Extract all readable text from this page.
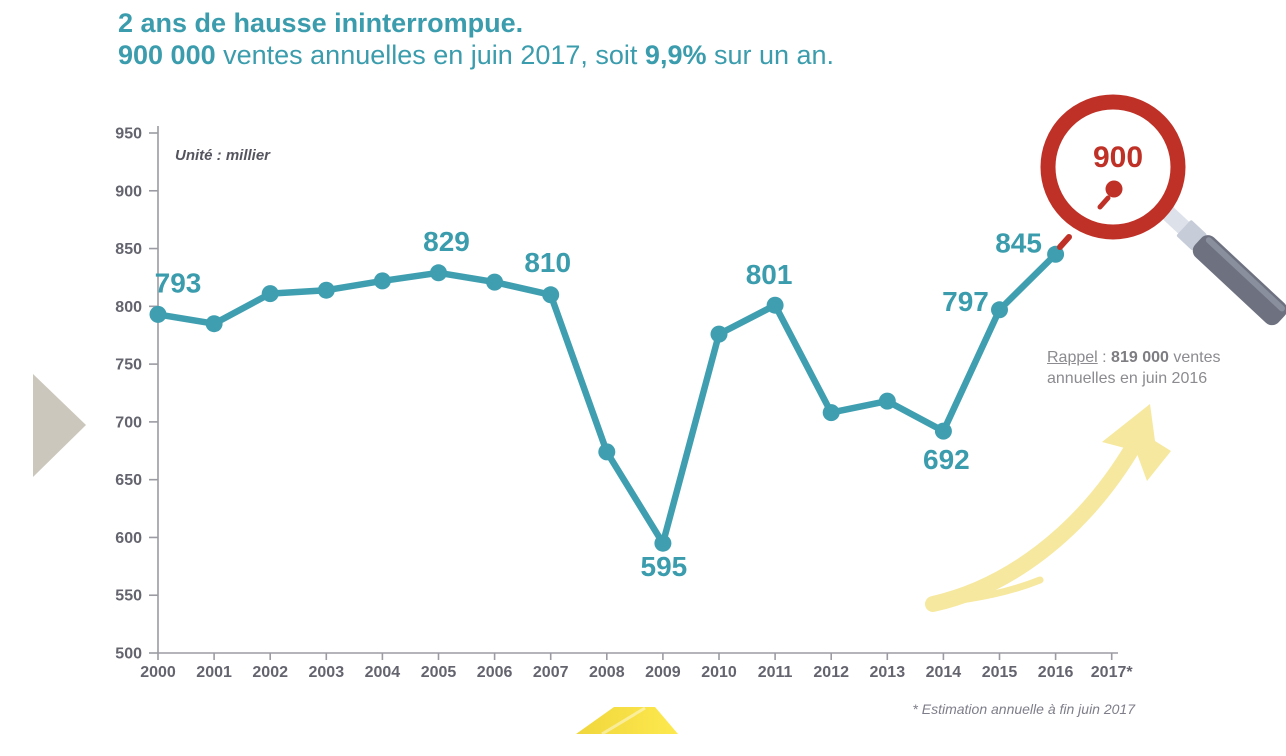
950
900
850
800
750
700
650
600
550
500
2000 2001 2002 2003 2004 2005 2006 2007 2008 2009 2010 2011 2012 2013 2014 2015 2016 2017*
Unité : millier
793
829
810
595
801
692
797
845
900
2 ans de hausse ininterrompue.
900 000 ventes annuelles en juin 2017, soit 9,9% sur un an.
Rappel : 819 000 ventes annuelles en juin 2016
* Estimation annuelle à fin juin 2017
